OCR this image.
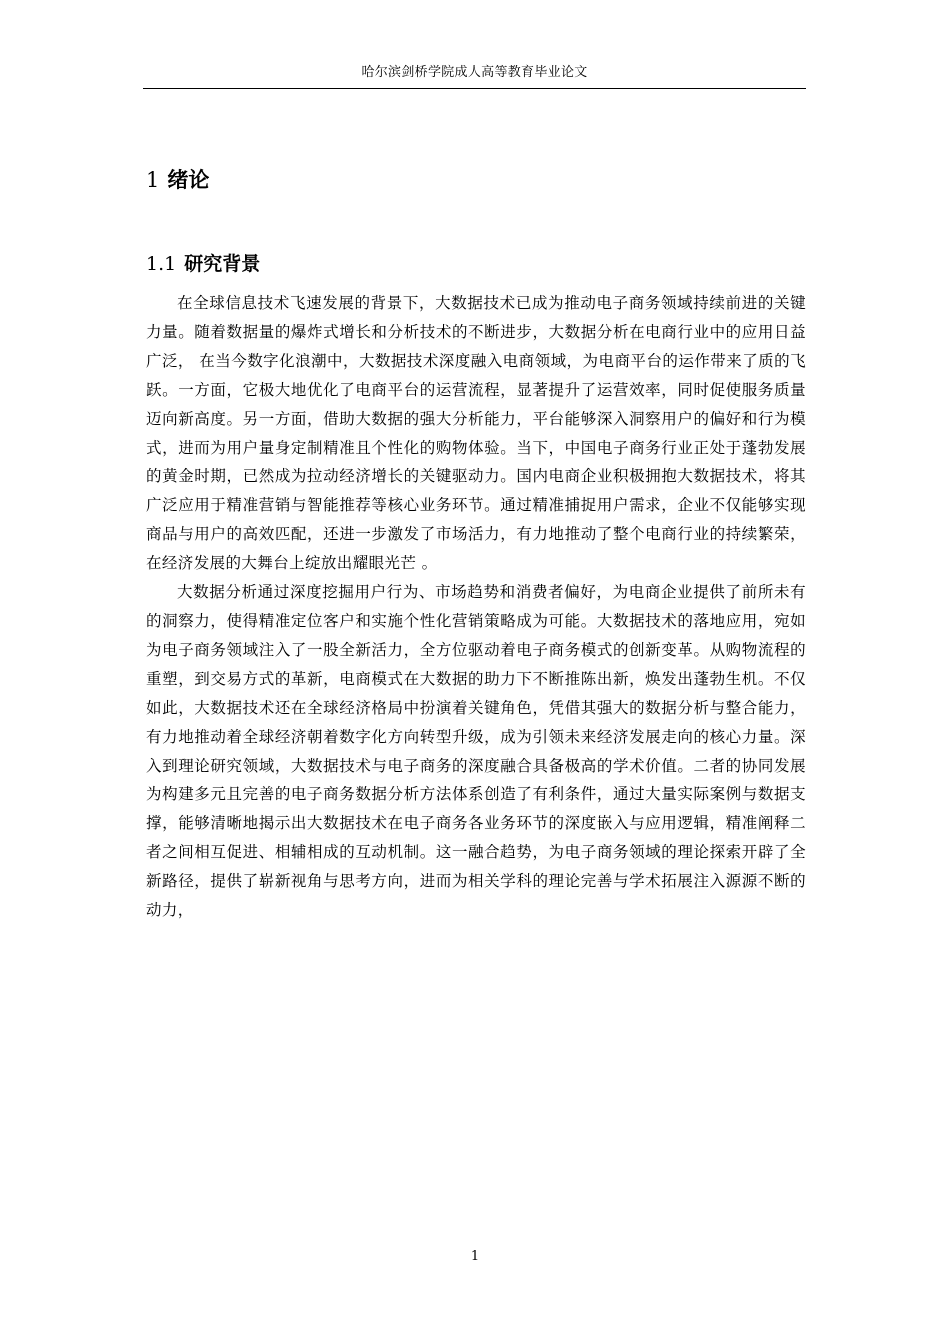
哈尔滨剑桥学院成人高等教育毕业论文
1 绪论
1.1 研究背景

在全球信息技术飞速发展的背景下，大数据技术已成为推动电子商务领域持续前进的关键力量。随着数据量的爆炸式增长和分析技术的不断进步，大数据分析在电商行业中的应用日益广泛， 在当今数字化浪潮中，大数据技术深度融入电商领域，为电商平台的运作带来了质的飞跃。一方面，它极大地优化了电商平台的运营流程，显著提升了运营效率，同时促使服务质量迈向新高度。另一方面，借助大数据的强大分析能力，平台能够深入洞察用户的偏好和行为模式，进而为用户量身定制精准且个性化的购物体验。当下，中国电子商务行业正处于蓬勃发展的黄金时期，已然成为拉动经济增长的关键驱动力。国内电商企业积极拥抱大数据技术，将其广泛应用于精准营销与智能推荐等核心业务环节。通过精准捕捉用户需求，企业不仅能够实现商品与用户的高效匹配，还进一步激发了市场活力，有力地推动了整个电商行业的持续繁荣，在经济发展的大舞台上绽放出耀眼光芒 。

大数据分析通过深度挖掘用户行为、市场趋势和消费者偏好，为电商企业提供了前所未有的洞察力，使得精准定位客户和实施个性化营销策略成为可能。大数据技术的落地应用，宛如为电子商务领域注入了一股全新活力，全方位驱动着电子商务模式的创新变革。从购物流程的重塑，到交易方式的革新，电商模式在大数据的助力下不断推陈出新，焕发出蓬勃生机。不仅如此，大数据技术还在全球经济格局中扮演着关键角色，凭借其强大的数据分析与整合能力，有力地推动着全球经济朝着数字化方向转型升级，成为引领未来经济发展走向的核心力量。深入到理论研究领域，大数据技术与电子商务的深度融合具备极高的学术价值。二者的协同发展为构建多元且完善的电子商务数据分析方法体系创造了有利条件，通过大量实际案例与数据支撑，能够清晰地揭示出大数据技术在电子商务各业务环节的深度嵌入与应用逻辑，精准阐释二者之间相互促进、相辅相成的互动机制。这一融合趋势，为电子商务领域的理论探索开辟了全新路径，提供了崭新视角与思考方向，进而为相关学科的理论完善与学术拓展注入源源不断的动力，

1
